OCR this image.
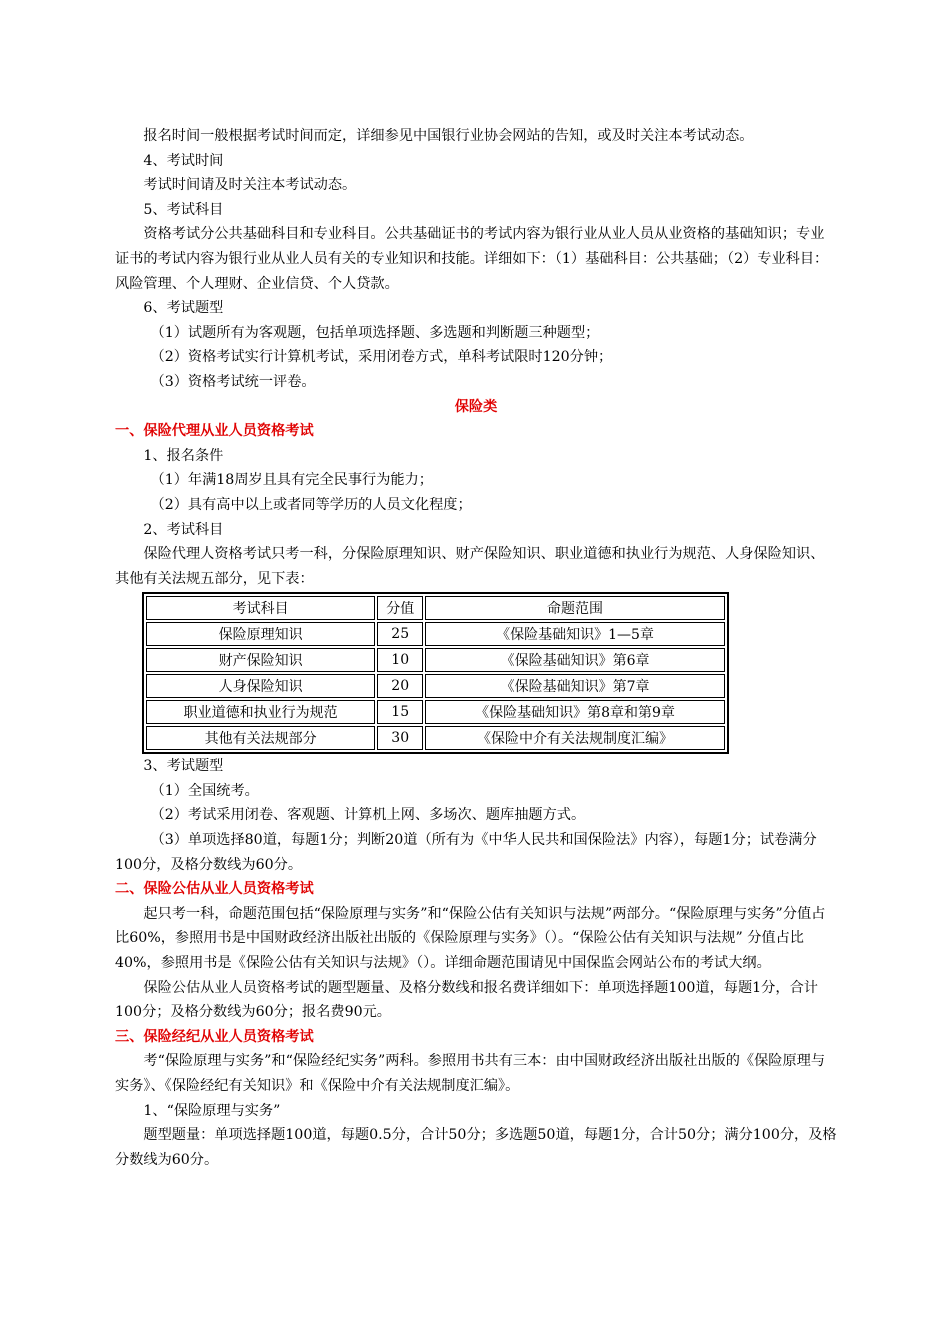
报名时间一般根据考试时间而定，详细参见中国银行业协会网站的告知，或及时关注本考试动态。

4、考试时间

考试时间请及时关注本考试动态。

5、考试科目

资格考试分公共基础科目和专业科目。公共基础证书的考试内容为银行业从业人员从业资格的基础知识；专业证书的考试内容为银行业从业人员有关的专业知识和技能。详细如下：（1）基础科目：公共基础；（2）专业科目：风险管理、个人理财、企业信贷、个人贷款。

6、考试题型

（1）试题所有为客观题，包括单项选择题、多选题和判断题三种题型；

（2）资格考试实行计算机考试，采用闭卷方式，单科考试限时120分钟；

（3）资格考试统一评卷。

保险类

一、保险代理从业人员资格考试

1、报名条件

（1）年满18周岁且具有完全民事行为能力；

（2）具有高中以上或者同等学历的人员文化程度；

2、考试科目

保险代理人资格考试只考一科，分保险原理知识、财产保险知识、职业道德和执业行为规范、人身保险知识、其他有关法规五部分，见下表：

考试科目	分值	命题范围
保险原理知识	25	《保险基础知识》1—5章
财产保险知识	10	《保险基础知识》第6章
人身保险知识	20	《保险基础知识》第7章
职业道德和执业行为规范	15	《保险基础知识》第8章和第9章
其他有关法规部分	30	《保险中介有关法规制度汇编》

3、考试题型

（1）全国统考。

（2）考试采用闭卷、客观题、计算机上网、多场次、题库抽题方式。

（3）单项选择80道，每题1分；判断20道（所有为《中华人民共和国保险法》内容），每题1分；试卷满分100分，及格分数线为60分。

二、保险公估从业人员资格考试

起只考一科，命题范围包括“保险原理与实务”和“保险公估有关知识与法规”两部分。“保险原理与实务”分值占比60%，参照用书是中国财政经济出版社出版的《保险原理与实务》（）。“保险公估有关知识与法规” 分值占比40%，参照用书是《保险公估有关知识与法规》（）。详细命题范围请见中国保监会网站公布的考试大纲。

保险公估从业人员资格考试的题型题量、及格分数线和报名费详细如下：单项选择题100道，每题1分，合计100分；及格分数线为60分；报名费90元。

三、保险经纪从业人员资格考试

考“保险原理与实务”和“保险经纪实务”两科。参照用书共有三本：由中国财政经济出版社出版的《保险原理与实务》、《保险经纪有关知识》和《保险中介有关法规制度汇编》。

1、“保险原理与实务”

题型题量：单项选择题100道，每题0.5分，合计50分；多选题50道，每题1分，合计50分；满分100分，及格分数线为60分。
